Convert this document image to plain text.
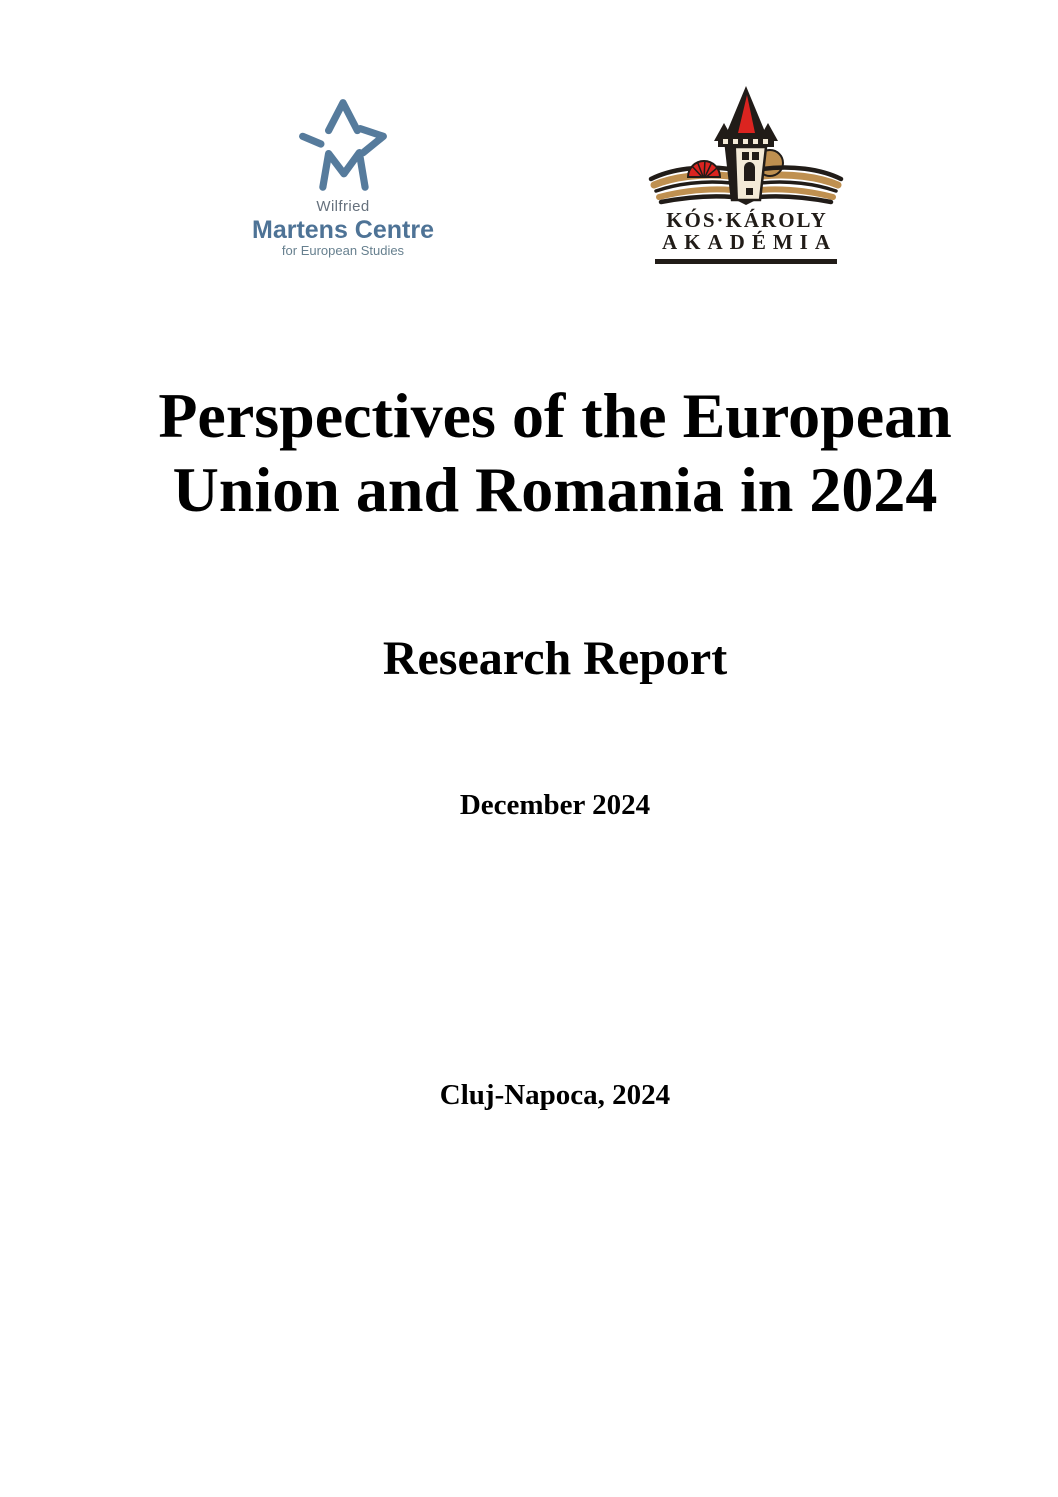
Wilfried
Martens Centre
for European Studies
KÓS·KÁROLY
AKADÉMIA
Perspectives of the European
Union and Romania in 2024
Research Report
December 2024
Cluj-Napoca, 2024
